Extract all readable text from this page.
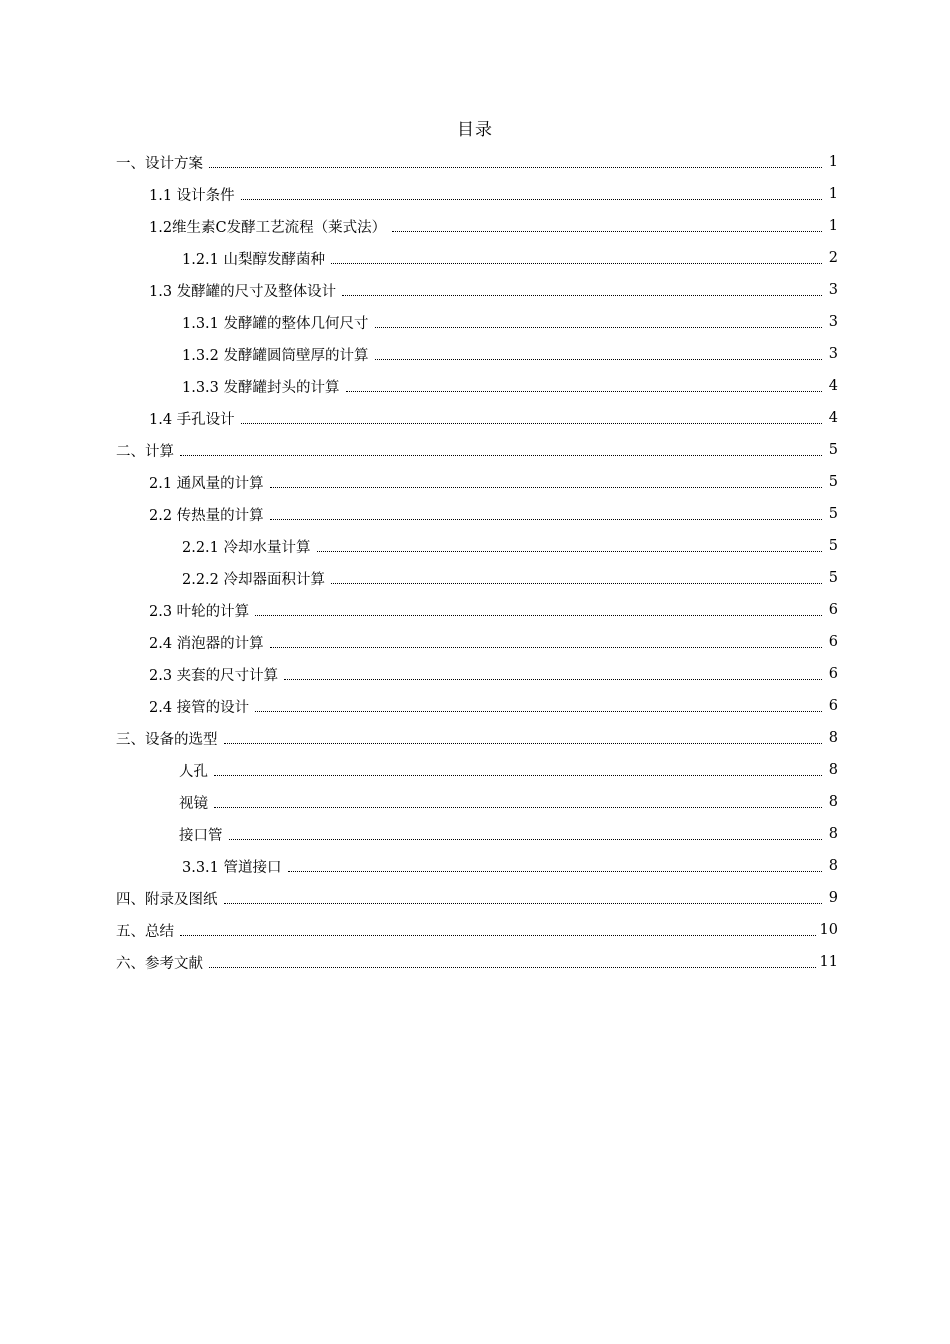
目录
一、设计方案	1
1.1 设计条件	1
1.2维生素C发酵工艺流程（莱式法）	1
1.2.1 山梨醇发酵菌种	2
1.3 发酵罐的尺寸及整体设计	3
1.3.1 发酵罐的整体几何尺寸	3
1.3.2 发酵罐圆筒壁厚的计算	3
1.3.3 发酵罐封头的计算	4
1.4 手孔设计	4
二、计算	5
2.1 通风量的计算	5
2.2 传热量的计算	5
2.2.1 冷却水量计算	5
2.2.2 冷却器面积计算	5
2.3 叶轮的计算	6
2.4 消泡器的计算	6
2.3 夹套的尺寸计算	6
2.4 接管的设计	6
三、设备的选型	8
人孔	8
视镜	8
接口管	8
3.3.1 管道接口	8
四、附录及图纸	9
五、总结	10
六、参考文献	11
